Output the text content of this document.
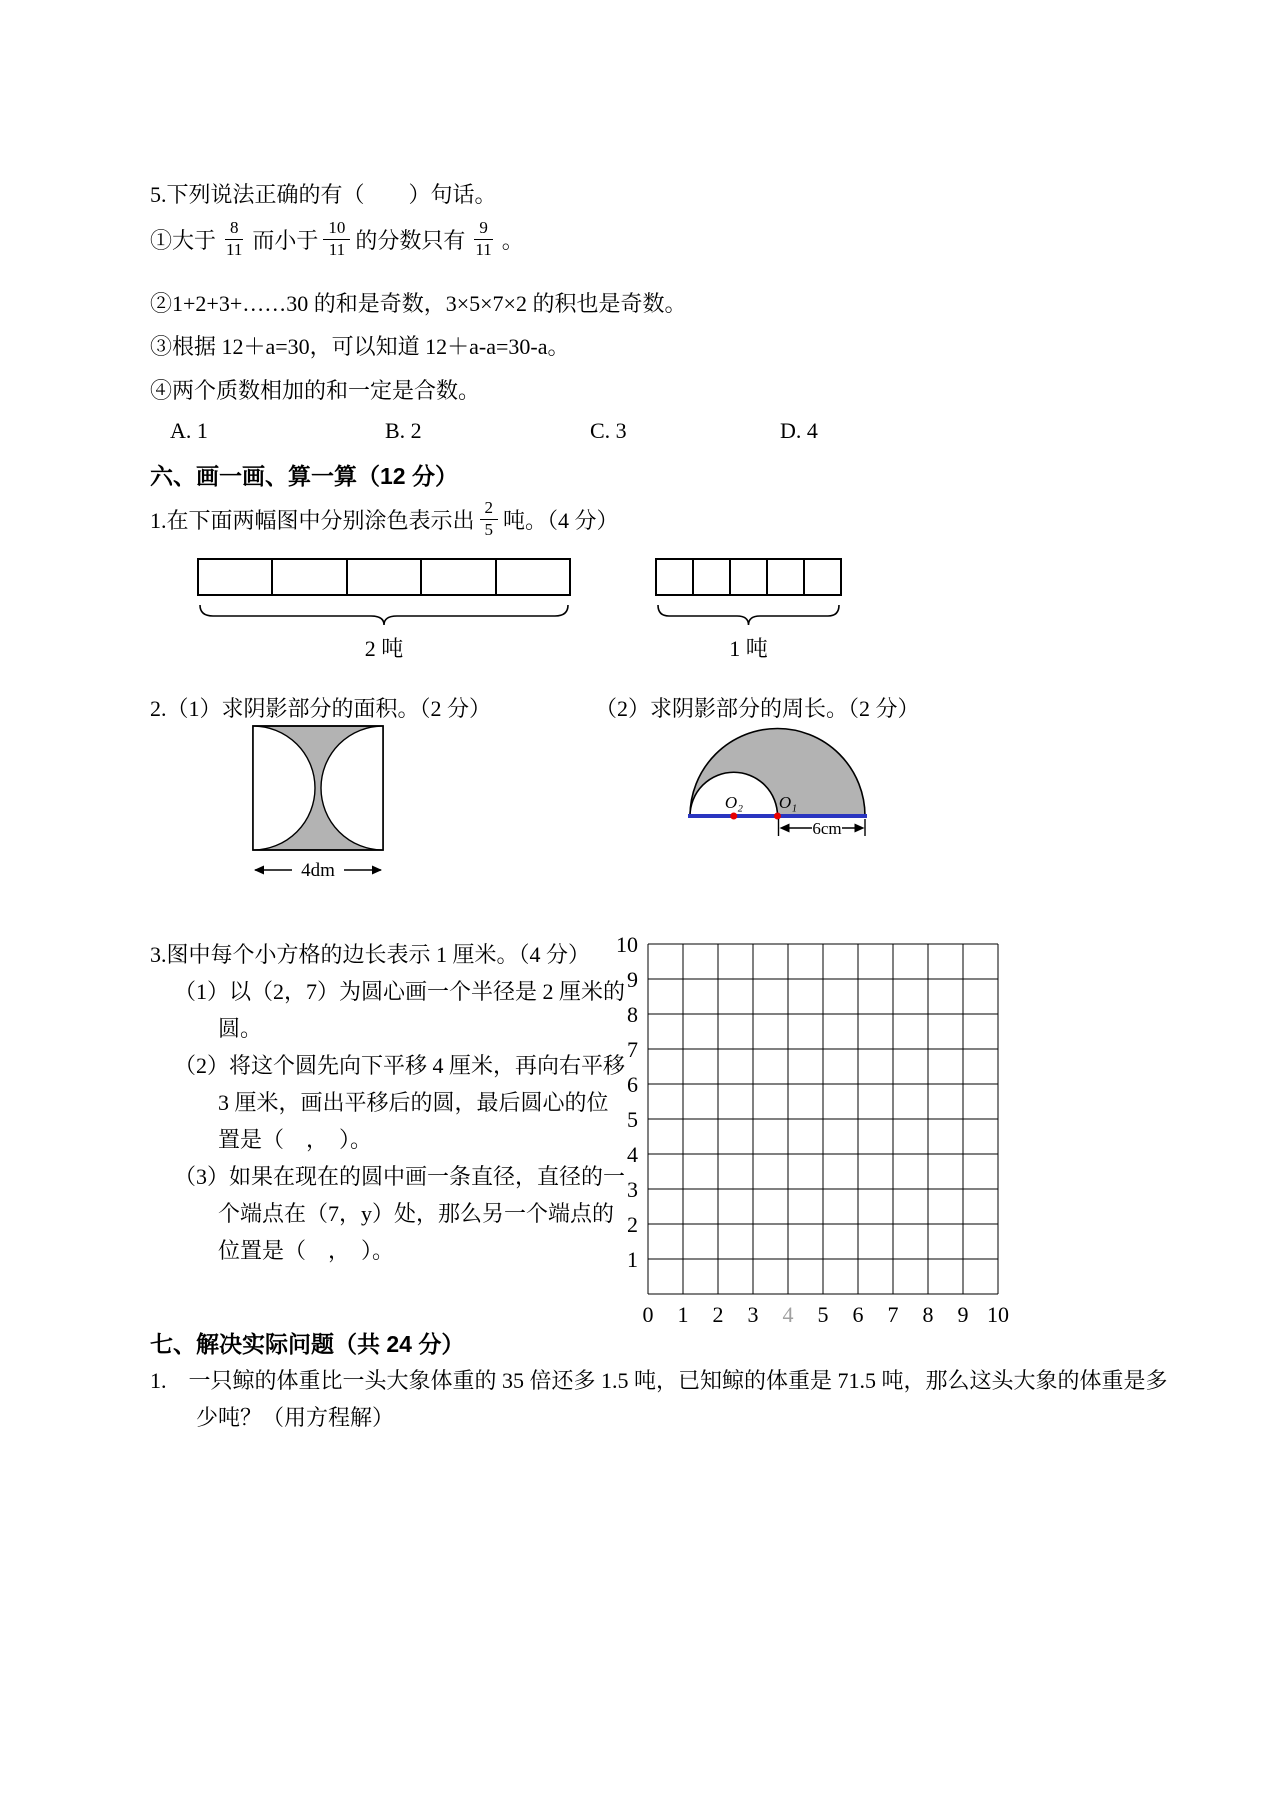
5.下列说法正确的有（　　）句话。
①大于 $\frac{8}{11}$ 而小于 $\frac{10}{11}$ 的分数只有 $\frac{9}{11}$ 。
②1+2+3+……30 的和是奇数，3×5×7×2 的积也是奇数。
③根据 12＋a=30，可以知道 12＋a-a=30-a。
④两个质数相加的和一定是合数。
A. 1	B. 2	C. 3	D. 4
六、画一画、算一算（12 分）
1.在下面两幅图中分别涂色表示出 $\frac{2}{5}$ 吨。（4 分）
2 吨	1 吨
2.（1）求阴影部分的面积。（2 分）	（2）求阴影部分的周长。（2 分）
4dm
O₂ O₁
6cm
3.图中每个小方格的边长表示 1 厘米。（4 分）
（1）以（2，7）为圆心画一个半径是 2 厘米的圆。
（2）将这个圆先向下平移 4 厘米，再向右平移 3 厘米，画出平移后的圆，最后圆心的位置是（　，　）。
（3）如果在现在的圆中画一条直径，直径的一个端点在（7，y）处，那么另一个端点的位置是（　，　）。
10
9
8
7
6
5
4
3
2
1
0 1 2 3 4 5 6 7 8 9 10
七、解决实际问题（共 24 分）
1.　一只鲸的体重比一头大象体重的 35 倍还多 1.5 吨，已知鲸的体重是 71.5 吨，那么这头大象的体重是多少吨？（用方程解）
